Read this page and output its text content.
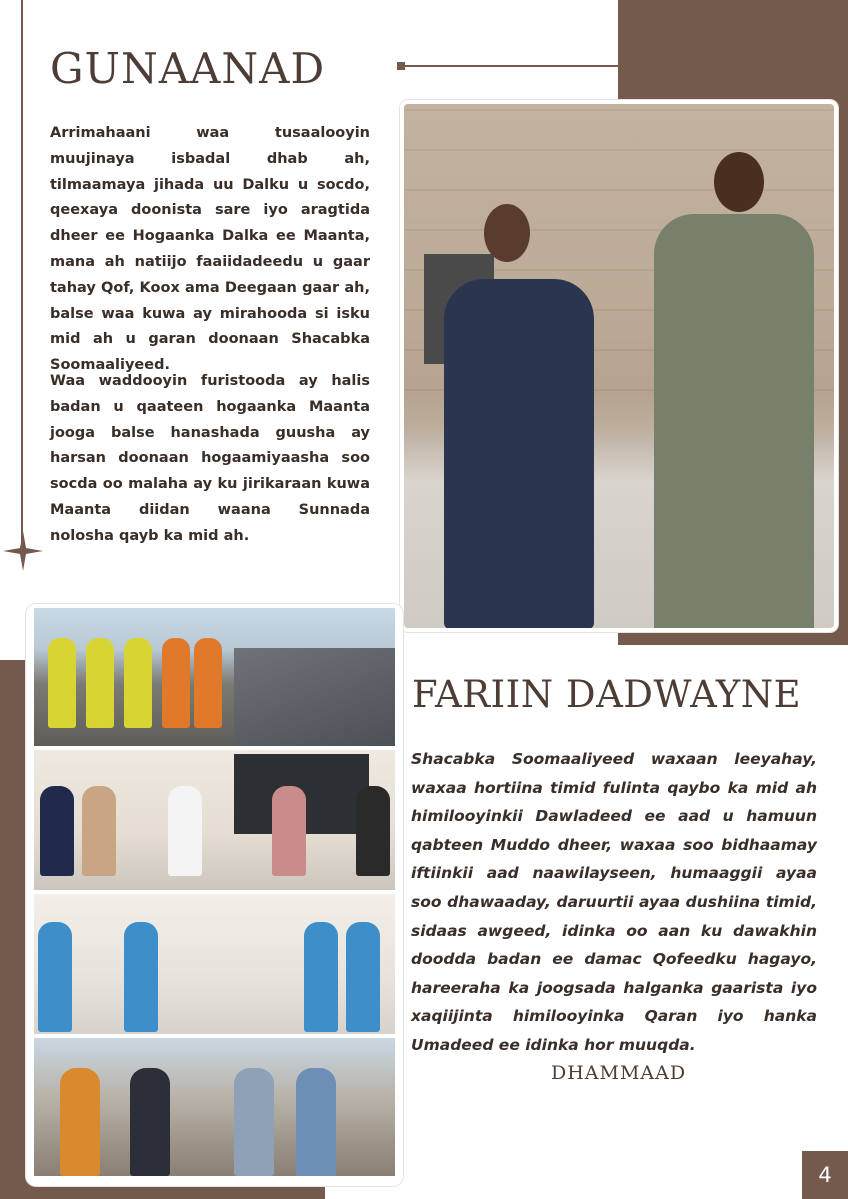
GUNAANAD

Arrimahaani waa tusaalooyin muujinaya isbadal dhab ah, tilmaamaya jihada uu Dalku u socdo, qeexaya doonista sare iyo aragtida dheer ee Hogaanka Dalka ee Maanta, mana ah natiijo faaiidadeedu u gaar tahay Qof, Koox ama Deegaan gaar ah, balse waa kuwa ay mirahooda si isku mid ah u garan doonaan Shacabka Soomaaliyeed.

Waa waddooyin furistooda ay halis badan u qaateen hogaanka Maanta jooga balse hanashada guusha ay harsan doonaan hogaamiyaasha soo socda oo malaha ay ku jirikaraan kuwa Maanta diidan waana Sunnada nolosha qayb ka mid ah.

FARIIN DADWAYNE

Shacabka Soomaaliyeed waxaan leeyahay, waxaa hortiina timid fulinta qaybo ka mid ah himilooyinkii Dawladeed ee aad u hamuun qabteen Muddo dheer, waxaa soo bidhaamay iftiinkii aad naawilayseen, humaaggii ayaa soo dhawaaday, daruurtii ayaa dushiina timid, sidaas awgeed, idinka oo aan ku dawakhin doodda badan ee damac Qofeedku hagayo, hareeraha ka joogsada halganka gaarista iyo xaqiijinta himilooyinka Qaran iyo hanka Umadeed ee idinka hor muuqda.

DHAMMAAD
4
